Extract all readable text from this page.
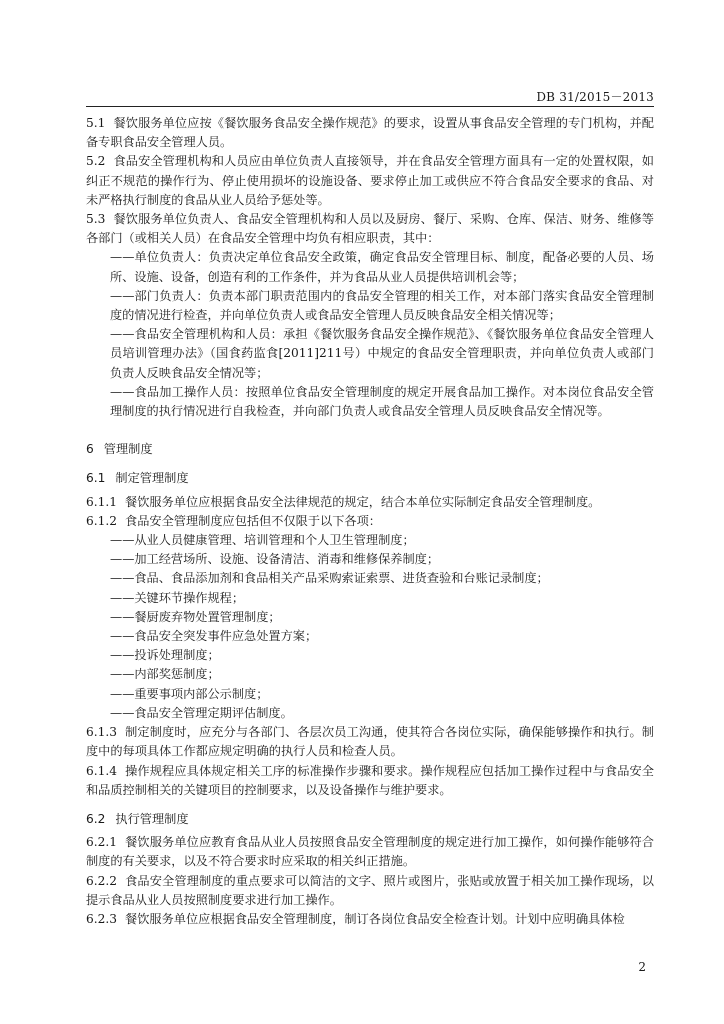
DB 31/2015－2013

5.1 餐饮服务单位应按《餐饮服务食品安全操作规范》的要求，设置从事食品安全管理的专门机构，并配备专职食品安全管理人员。

5.2 食品安全管理机构和人员应由单位负责人直接领导，并在食品安全管理方面具有一定的处置权限，如纠正不规范的操作行为、停止使用损坏的设施设备、要求停止加工或供应不符合食品安全要求的食品、对未严格执行制度的食品从业人员给予惩处等。

5.3 餐饮服务单位负责人、食品安全管理机构和人员以及厨房、餐厅、采购、仓库、保洁、财务、维修等各部门（或相关人员）在食品安全管理中均负有相应职责，其中：

——单位负责人：负责决定单位食品安全政策，确定食品安全管理目标、制度，配备必要的人员、场所、设施、设备，创造有利的工作条件，并为食品从业人员提供培训机会等；

——部门负责人：负责本部门职责范围内的食品安全管理的相关工作，对本部门落实食品安全管理制度的情况进行检查，并向单位负责人或食品安全管理人员反映食品安全相关情况等；

——食品安全管理机构和人员：承担《餐饮服务食品安全操作规范》、《餐饮服务单位食品安全管理人员培训管理办法》（国食药监食[2011]211号）中规定的食品安全管理职责，并向单位负责人或部门负责人反映食品安全情况等；

——食品加工操作人员：按照单位食品安全管理制度的规定开展食品加工操作。对本岗位食品安全管理制度的执行情况进行自我检查，并向部门负责人或食品安全管理人员反映食品安全情况等。

6 管理制度
6.1 制定管理制度

6.1.1 餐饮服务单位应根据食品安全法律规范的规定，结合本单位实际制定食品安全管理制度。

6.1.2 食品安全管理制度应包括但不仅限于以下各项：

——从业人员健康管理、培训管理和个人卫生管理制度；
——加工经营场所、设施、设备清洁、消毒和维修保养制度；
——食品、食品添加剂和食品相关产品采购索证索票、进货查验和台账记录制度；
——关键环节操作规程；
——餐厨废弃物处置管理制度；
——食品安全突发事件应急处置方案；
——投诉处理制度；
——内部奖惩制度；
——重要事项内部公示制度；
——食品安全管理定期评估制度。

6.1.3 制定制度时，应充分与各部门、各层次员工沟通，使其符合各岗位实际，确保能够操作和执行。制度中的每项具体工作都应规定明确的执行人员和检查人员。

6.1.4 操作规程应具体规定相关工序的标准操作步骤和要求。操作规程应包括加工操作过程中与食品安全和品质控制相关的关键项目的控制要求，以及设备操作与维护要求。

6.2 执行管理制度

6.2.1 餐饮服务单位应教育食品从业人员按照食品安全管理制度的规定进行加工操作，如何操作能够符合制度的有关要求，以及不符合要求时应采取的相关纠正措施。

6.2.2 食品安全管理制度的重点要求可以简洁的文字、照片或图片，张贴或放置于相关加工操作现场，以提示食品从业人员按照制度要求进行加工操作。

6.2.3 餐饮服务单位应根据食品安全管理制度，制订各岗位食品安全检查计划。计划中应明确具体检

2
